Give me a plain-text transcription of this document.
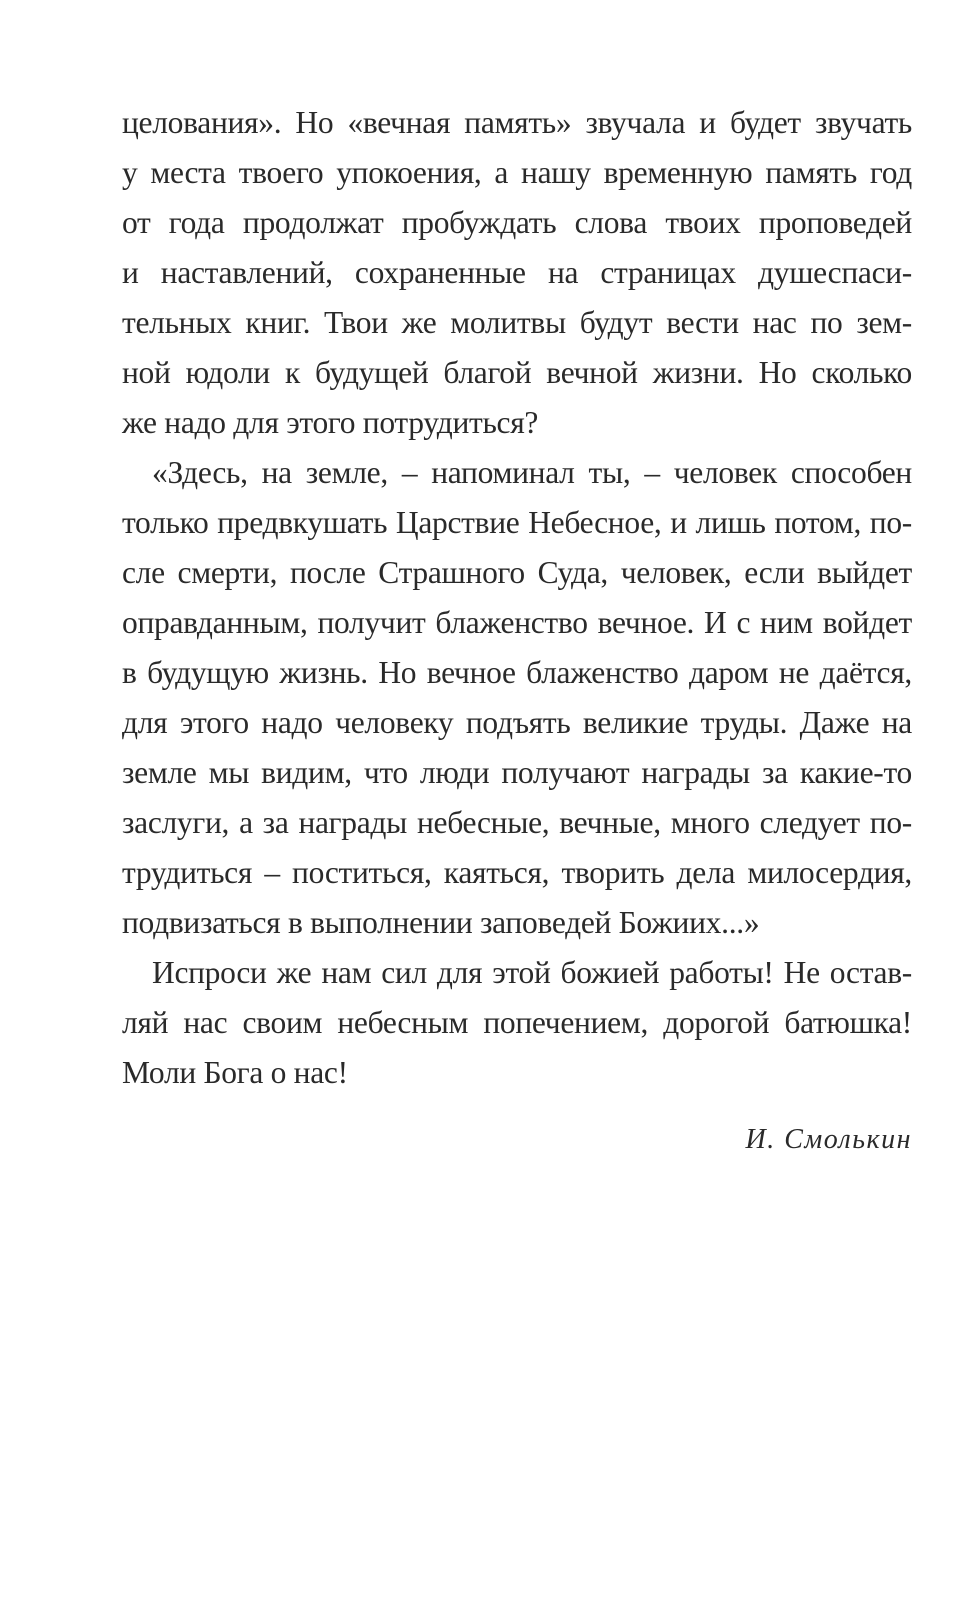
целования». Но «вечная память» звучала и будет звучать
у места твоего упокоения, а нашу временную память год
от года продолжат пробуждать слова твоих проповедей
и наставлений, сохраненные на страницах душеспаси-
тельных книг. Твои же молитвы будут вести нас по зем-
ной юдоли к будущей благой вечной жизни. Но сколько
же надо для этого потрудиться?
«Здесь, на земле, – напоминал ты, – человек способен
только предвкушать Царствие Небесное, и лишь потом, по-
сле смерти, после Страшного Суда, человек, если выйдет
оправданным, получит блаженство вечное. И с ним войдет
в будущую жизнь. Но вечное блаженство даром не даётся,
для этого надо человеку подъять великие труды. Даже на
земле мы видим, что люди получают награды за какие-то
заслуги, а за награды небесные, вечные, много следует по-
трудиться – поститься, каяться, творить дела милосердия,
подвизаться в выполнении заповедей Божиих...»
Испроси же нам сил для этой божией работы! Не остав-
ляй нас своим небесным попечением, дорогой батюшка!
Моли Бога о нас!
И. Смолькин
